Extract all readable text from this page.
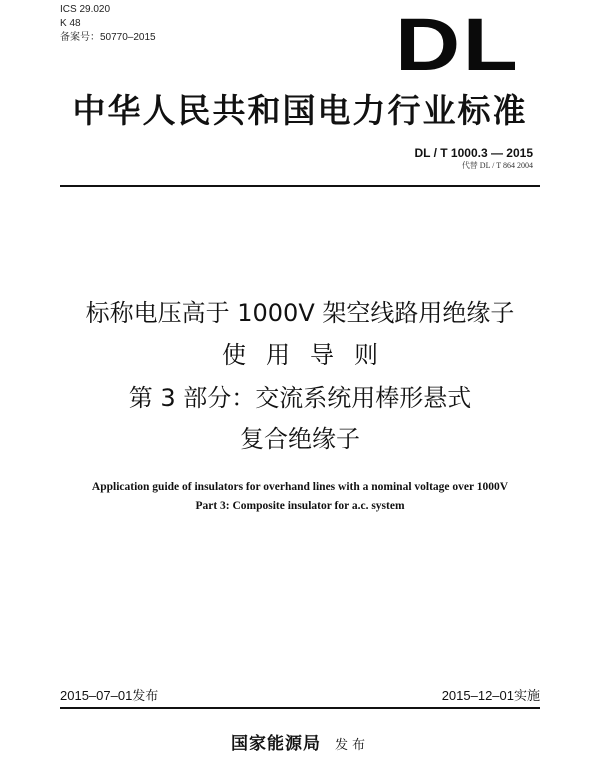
ICS 29.020
K 48
备案号：50770–2015	DL
中华人民共和国电力行业标准
DL / T 1000.3 — 2015
代替 DL / T 864 2004
标称电压高于 1000V 架空线路用绝缘子
使用导则
第 3 部分：交流系统用棒形悬式
复合绝缘子
Application guide of insulators for overhand lines with a nominal voltage over 1000V
Part 3: Composite insulator for a.c. system
2015–07–01发布	2015–12–01实施
国家能源局 发布
